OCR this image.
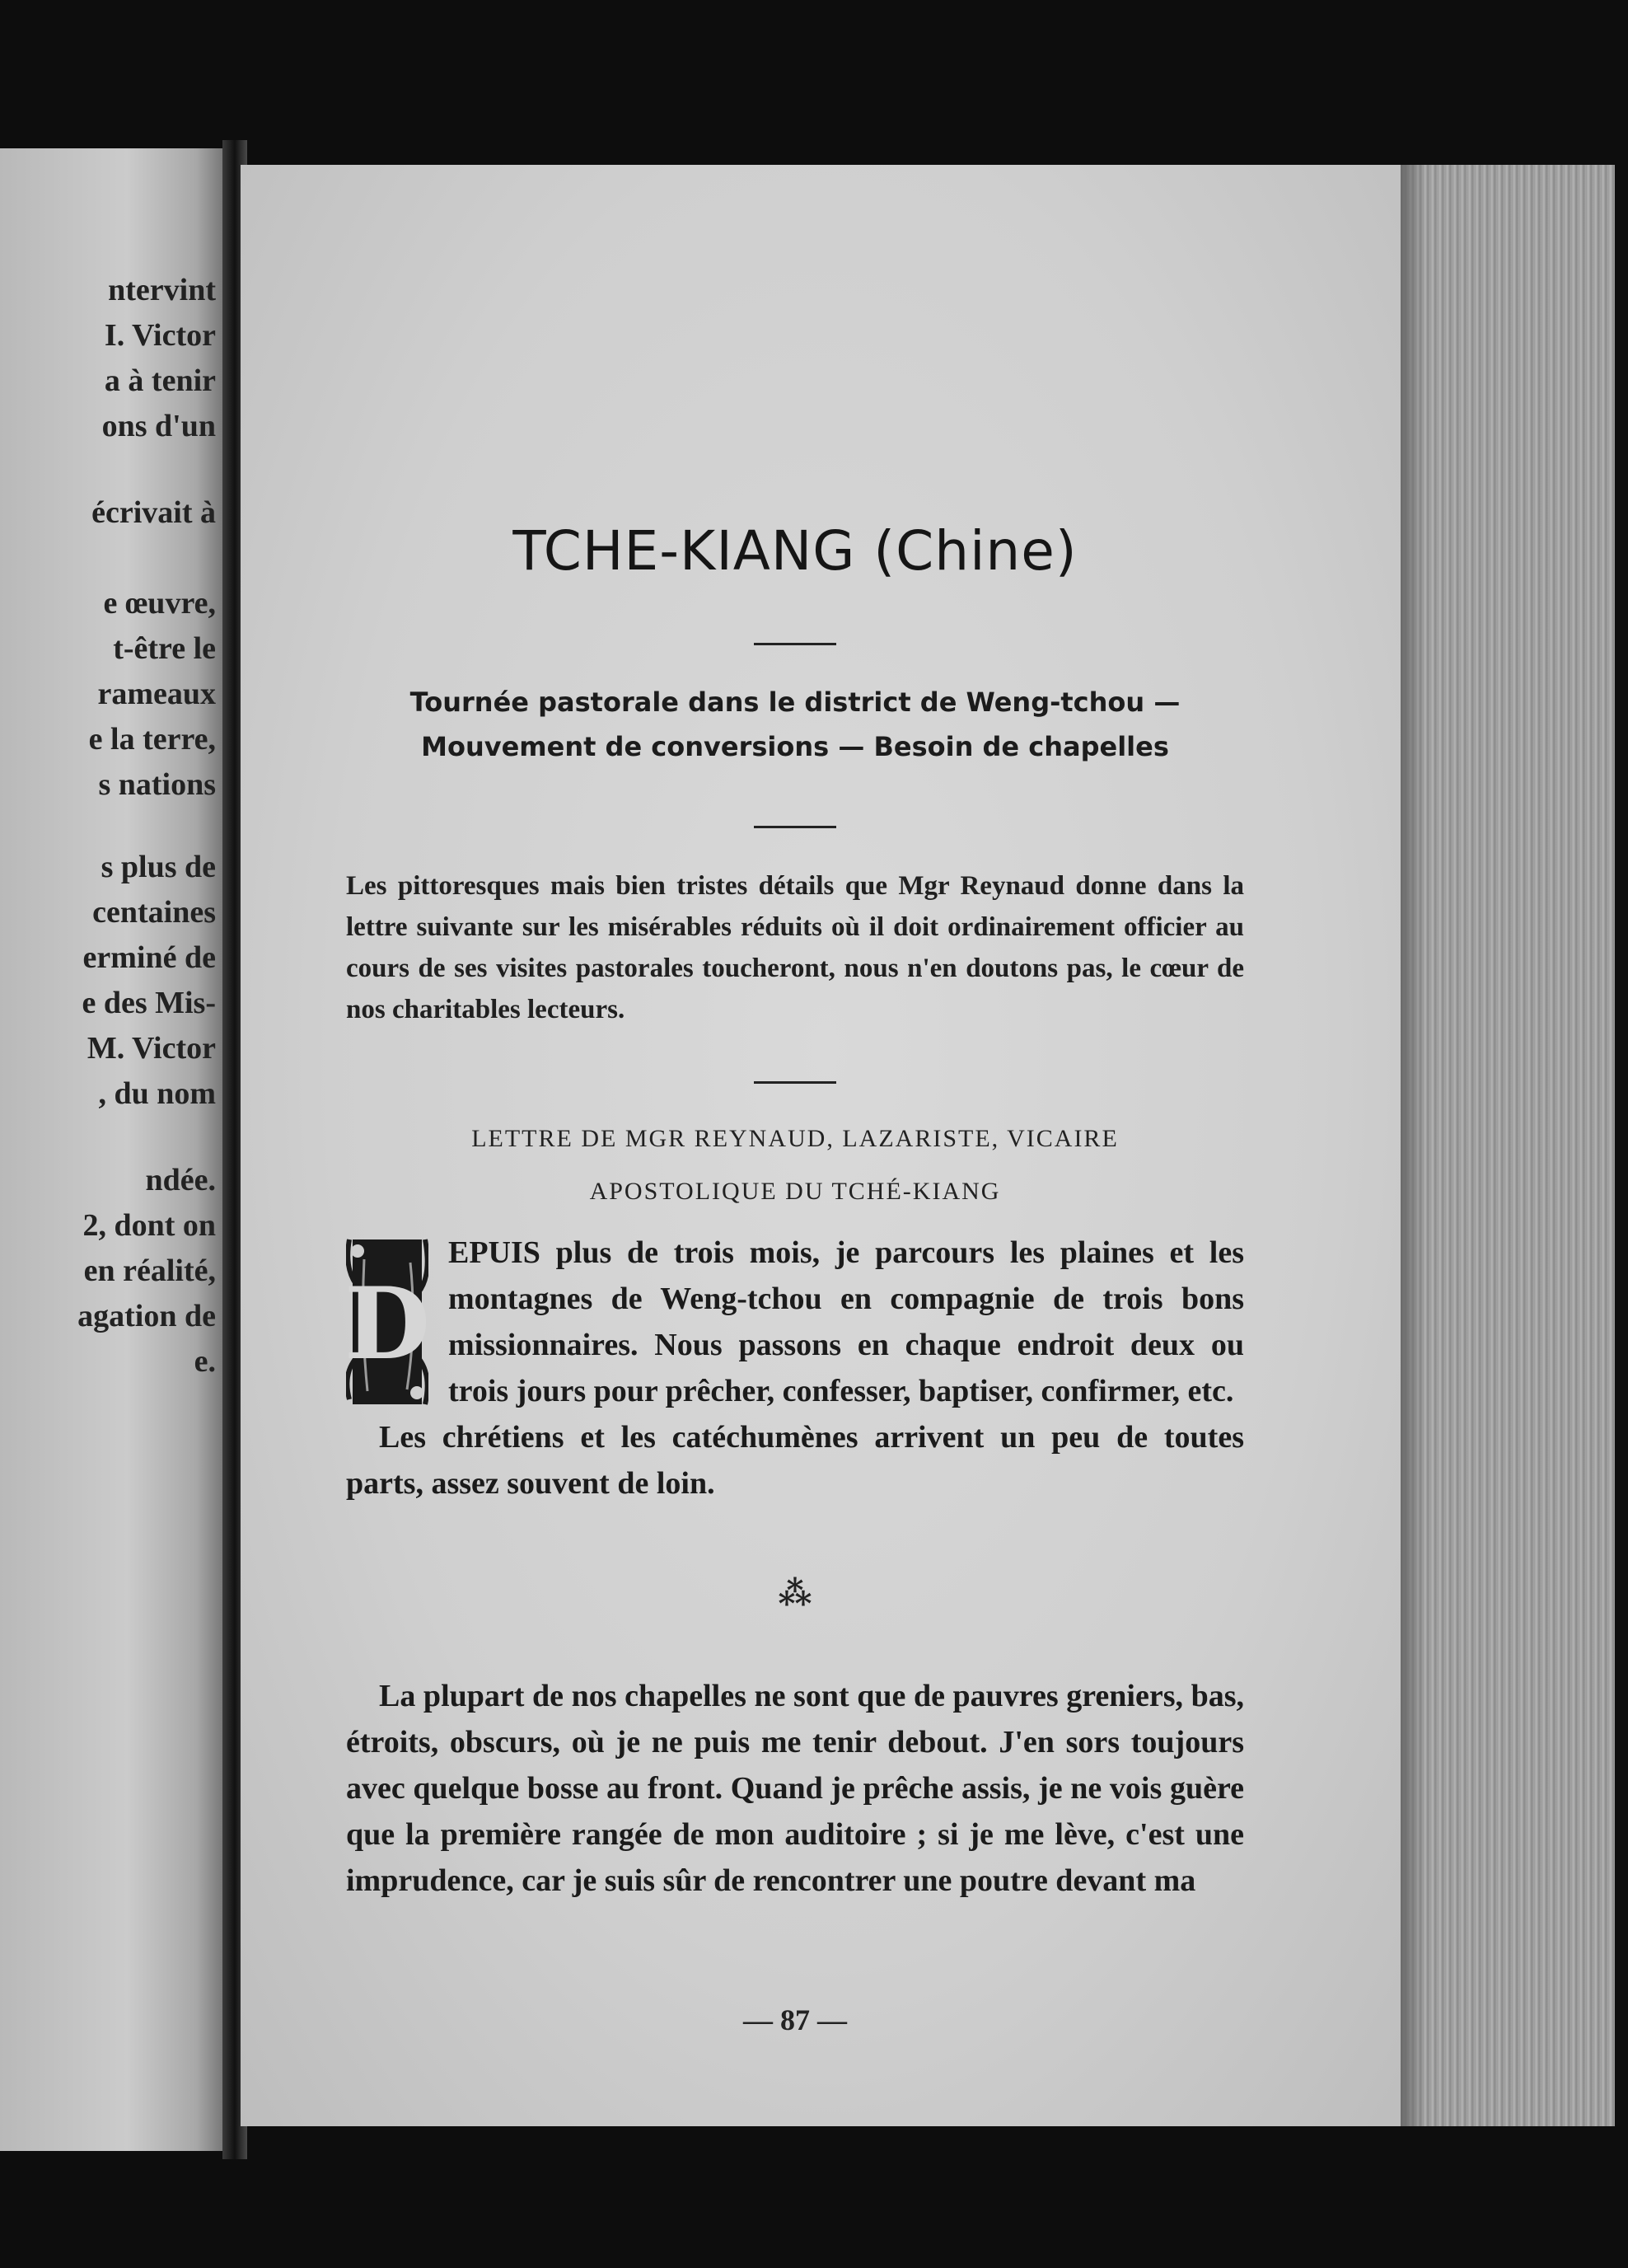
ntervint
I. Victor
a à tenir
ons d'un
écrivait à
e œuvre,
t-être le
rameaux
e la terre,
s nations
s plus de
centaines
erminé de
e des Mis-
M. Victor
, du nom
ndée.
2, dont on
en réalité,
agation de
e.
TCHE-KIANG (Chine)
Tournée pastorale dans le district de Weng-tchou —
Mouvement de conversions — Besoin de chapelles
Les pittoresques mais bien tristes détails que Mgr Reynaud donne dans la lettre suivante sur les misérables réduits où il doit ordinairement officier au cours de ses visites pastorales toucheront, nous n'en doutons pas, le cœur de nos charitables lecteurs.
LETTRE DE MGR REYNAUD, LAZARISTE, VICAIRE
APOSTOLIQUE DU TCHÉ-KIANG

D
EPUIS plus de trois mois, je parcours les plaines et les montagnes de Weng-tchou en compagnie de trois bons missionnaires. Nous passons en chaque endroit deux ou trois jours pour prêcher, confesser, baptiser, confirmer, etc.

Les chrétiens et les catéchumènes arrivent un peu de toutes parts, assez souvent de loin.

⁂

La plupart de nos chapelles ne sont que de pauvres greniers, bas, étroits, obscurs, où je ne puis me tenir debout. J'en sors toujours avec quelque bosse au front. Quand je prêche assis, je ne vois guère que la première rangée de mon auditoire ; si je me lève, c'est une imprudence, car je suis sûr de rencontrer une poutre devant ma

— 87 —
